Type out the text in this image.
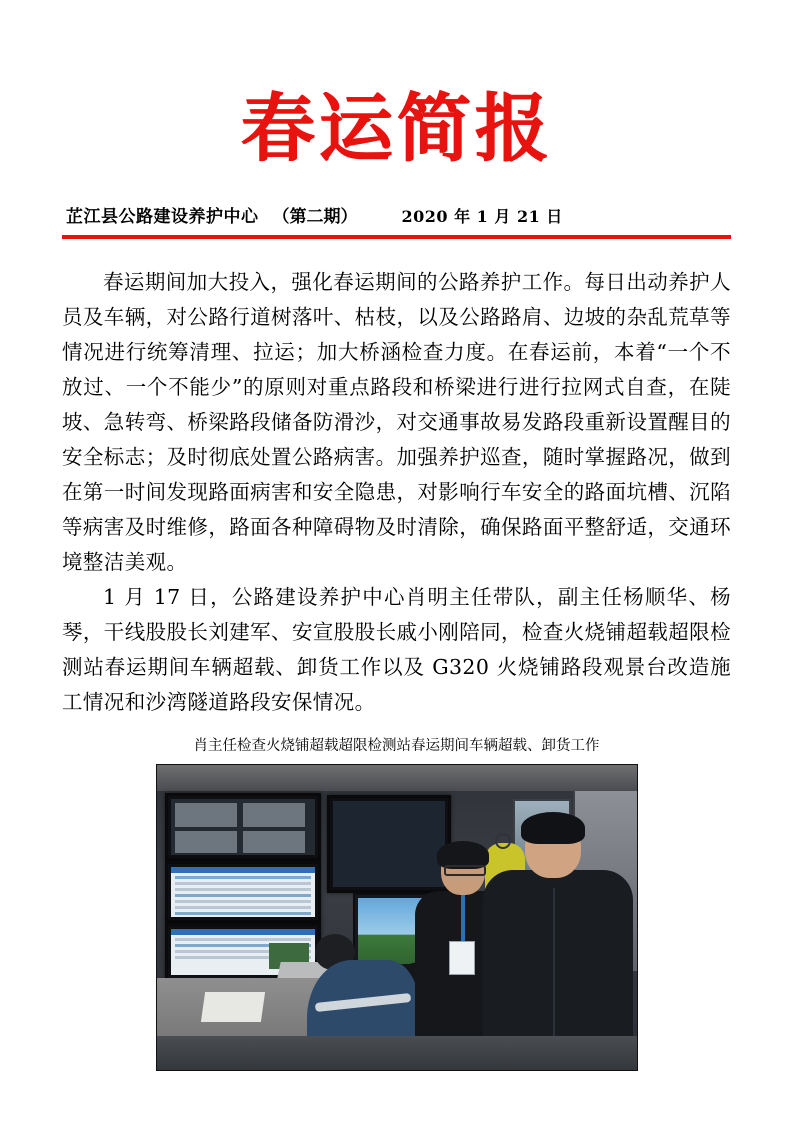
春运简报
芷江县公路建设养护中心 （第二期）	2020 年 1 月 21 日

春运期间加大投入，强化春运期间的公路养护工作。每日出动养护人员及车辆，对公路行道树落叶、枯枝，以及公路路肩、边坡的杂乱荒草等情况进行统筹清理、拉运；加大桥涵检查力度。在春运前，本着“一个不放过、一个不能少”的原则对重点路段和桥梁进行进行拉网式自查，在陡坡、急转弯、桥梁路段储备防滑沙，对交通事故易发路段重新设置醒目的安全标志；及时彻底处置公路病害。加强养护巡查，随时掌握路况，做到在第一时间发现路面病害和安全隐患，对影响行车安全的路面坑槽、沉陷等病害及时维修，路面各种障碍物及时清除，确保路面平整舒适，交通环境整洁美观。

1 月 17 日，公路建设养护中心肖明主任带队，副主任杨顺华、杨琴，干线股股长刘建军、安宣股股长戚小刚陪同，检查火烧铺超载超限检测站春运期间车辆超载、卸货工作以及 G320 火烧铺路段观景台改造施工情况和沙湾隧道路段安保情况。

肖主任检查火烧铺超载超限检测站春运期间车辆超载、卸货工作
